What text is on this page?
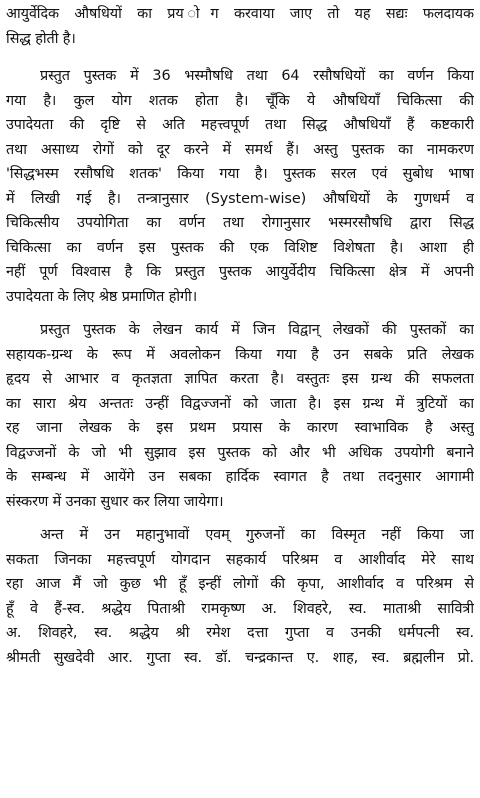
आयुर्वेदिक औषधियों का प्रय ोग करवाया जाए तो यह सद्यः फलदायक
सिद्ध होती है।
प्रस्तुत पुस्तक में 36 भस्मौषधि तथा 64 रसौषधियों का वर्णन किया
गया है। कुल योग शतक होता है। चूँकि ये औषधियाँ चिकित्सा की
उपादेयता की दृष्टि से अति महत्त्वपूर्ण तथा सिद्ध औषधियाँ हैं कष्टकारी
तथा असाध्य रोगों को दूर करने में समर्थ हैं। अस्तु पुस्तक का नामकरण
'सिद्धभस्म रसौषधि शतक' किया गया है। पुस्तक सरल एवं सुबोध भाषा
में लिखी गई है। तन्त्रानुसार (System-wise) औषधियों के गुणधर्म व
चिकित्सीय उपयोगिता का वर्णन तथा रोगानुसार भस्मरसौषधि द्वारा सिद्ध
चिकित्सा का वर्णन इस पुस्तक की एक विशिष्ट विशेषता है। आशा ही
नहीं पूर्ण विश्वास है कि प्रस्तुत पुस्तक आयुर्वेदीय चिकित्सा क्षेत्र में अपनी
उपादेयता के लिए श्रेष्ठ प्रमाणित होगी।
प्रस्तुत पुस्तक के लेखन कार्य में जिन विद्वान् लेखकों की पुस्तकों का
सहायक-ग्रन्थ के रूप में अवलोकन किया गया है उन सबके प्रति लेखक
हृदय से आभार व कृतज्ञता ज्ञापित करता है। वस्तुतः इस ग्रन्थ की सफलता
का सारा श्रेय अन्ततः उन्हीं विद्वज्जनों को जाता है। इस ग्रन्थ में त्रुटियों का
रह जाना लेखक के इस प्रथम प्रयास के कारण स्वाभाविक है अस्तु
विद्वज्जनों के जो भी सुझाव इस पुस्तक को और भी अधिक उपयोगी बनाने
के सम्बन्ध में आयेंगे उन सबका हार्दिक स्वागत है तथा तदनुसार आगामी
संस्करण में उनका सुधार कर लिया जायेगा।
अन्त में उन महानुभावों एवम् गुरुजनों का विस्मृत नहीं किया जा
सकता जिनका महत्त्वपूर्ण योगदान सहकार्य परिश्रम व आशीर्वाद मेरे साथ
रहा आज मैं जो कुछ भी हूँ इन्हीं लोगों की कृपा, आशीर्वाद व परिश्रम से
हूँ वे हैं-स्व. श्रद्धेय पिताश्री रामकृष्ण अ. शिवहरे, स्व. माताश्री सावित्री
अ. शिवहरे, स्व. श्रद्धेय श्री रमेश दत्ता गुप्ता व उनकी धर्मपत्नी स्व.
श्रीमती सुखदेवी आर. गुप्ता स्व. डॉ. चन्द्रकान्त ए. शाह, स्व. ब्रह्मलीन प्रो.
